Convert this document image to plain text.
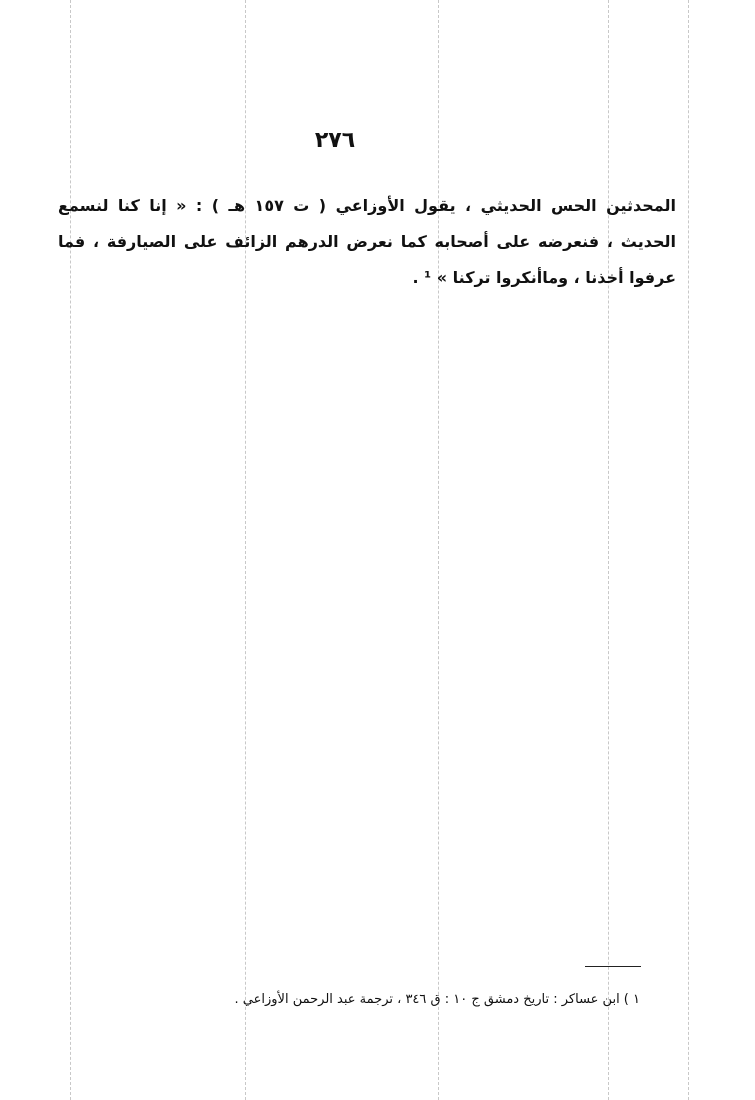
٢٧٦
المحدثين الحس الحديثي ، يقول الأوزاعي ( ت ١٥٧ هـ ) : « إنا كنا لنسمع
الحديث ، فنعرضه على أصحابه كما نعرض الدرهم الزائف على الصيارفة ، فما
عرفوا أخذنا ، وماأنكروا تركنا » ¹ .
١ ) ابن عساكر : تاريخ دمشق ج ١٠ : ق ٣٤٦ ، ترجمة عبد الرحمن الأوزاعي .
